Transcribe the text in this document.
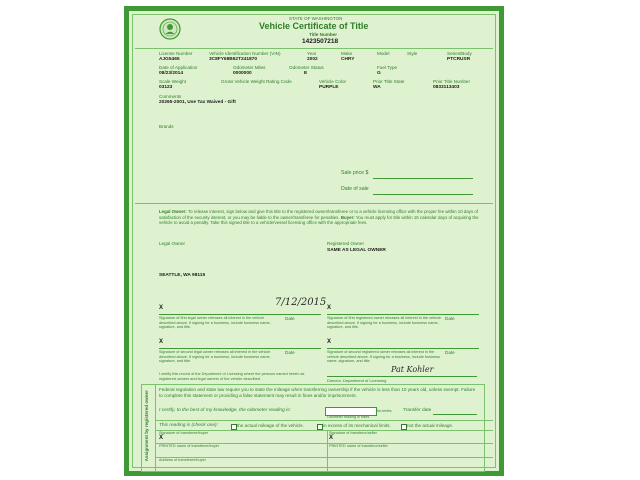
STATE OF WASHINGTON
Vehicle Certificate of Title
Title Number
1423507218
License Number
AJG5465
Vehicle Identification Number (VIN)
3C8FY68B62T241870
Year
2002
Make
CHRY
Model	Style	Series/Body
PTCRUSR
Date of Application
08/23/2014
Odometer Miles
0000000
Odometer Status
E
Fuel Type
G
Scale Weight
03123
Gross Vehicle Weight Rating Code	Vehicle Color
PURPLE
Prior Title State
WA
Prior Title Number
0833113403
Comments
20265-2001, Use Tax Waived - Gift
Brands
Sale price $
Date of sale
Legal Owner: To release interest, sign below and give this title to the registered owner/transferee or to a vehicle licensing office with the proper fee within 10 days of satisfaction of the security interest, or you may be liable to the owner/transferee for penalties. Buyer: You must apply for title within 15 calendar days of acquiring the vehicle to avoid a penalty. Take this signed title to a vehicle/vessel licensing office with the appropriate fees.
Legal Owner
SEATTLE, WA 98115
Registered Owner
SAME AS LEGAL OWNER
X	7/12/2015
Date
Signature of first legal owner releases all interest in the vehicle described above. If signing for a business, include business name, signature, and title.
X
Date
Signature of first registered owner releases all interest in the vehicle described above. If signing for a business, include business name, signature, and title.
X
Date
Signature of second legal owner releases all interest in the vehicle described above. If signing for a business, include business name, signature, and title.
X
Date
Signature of second registered owner releases all interest in the vehicle described above. If signing for a business, include business name, signature, and title.
I certify this record of the Department of Licensing where the persons named herein as registered owners and legal owners of the vehicle described.
Pat Kohler
Director, Department of Licensing
Assignment by registered owner
Federal regulation and state law require you to state the mileage when transferring ownership if the vehicle is less than 10 years old, unless exempt. Failure to complete this statement or providing a false statement may result in fines and/or imprisonment.
I certify, to the best of my knowledge, the odometer reading is:	No tenths
Odometer reading in miles
Transfer date
This reading is (check one):	the actual mileage of the vehicle.	in excess of its mechanical limits.	not the actual mileage.
Signature of transferee/buyer
X
Signature of transferor/seller
X
PRINTED name of transferee/buyer	PRINTED name of transferor/seller
Address of transferee/buyer
